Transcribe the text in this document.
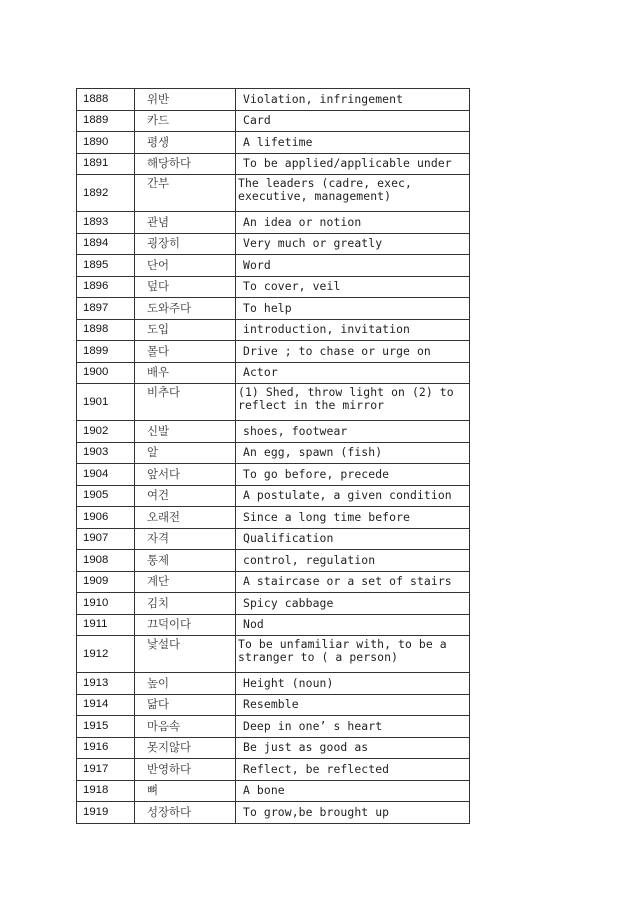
1888	위반	Violation, infringement
1889	카드	Card
1890	평생	A lifetime
1891	해당하다	To be applied/applicable under
1892	간부	The leaders (cadre, exec, executive, management)
1893	관념	An idea or notion
1894	굉장히	Very much or greatly
1895	단어	Word
1896	덮다	To cover, veil
1897	도와주다	To help
1898	도입	introduction, invitation
1899	몰다	Drive ; to chase or urge on
1900	배우	Actor
1901	비추다	(1) Shed, throw light on (2) to reflect in the mirror
1902	신발	shoes, footwear
1903	알	An egg, spawn (fish)
1904	앞서다	To go before, precede
1905	여건	A postulate, a given condition
1906	오래전	Since a long time before
1907	자격	Qualification
1908	통제	control, regulation
1909	계단	A staircase or a set of stairs
1910	김치	Spicy cabbage
1911	끄덕이다	Nod
1912	낯설다	To be unfamiliar with, to be a stranger to ( a person)
1913	높이	Height (noun)
1914	닮다	Resemble
1915	마음속	Deep in one’ s heart
1916	못지않다	Be just as good as
1917	반영하다	Reflect, be reflected
1918	뼈	A bone
1919	성장하다	To grow,be brought up
